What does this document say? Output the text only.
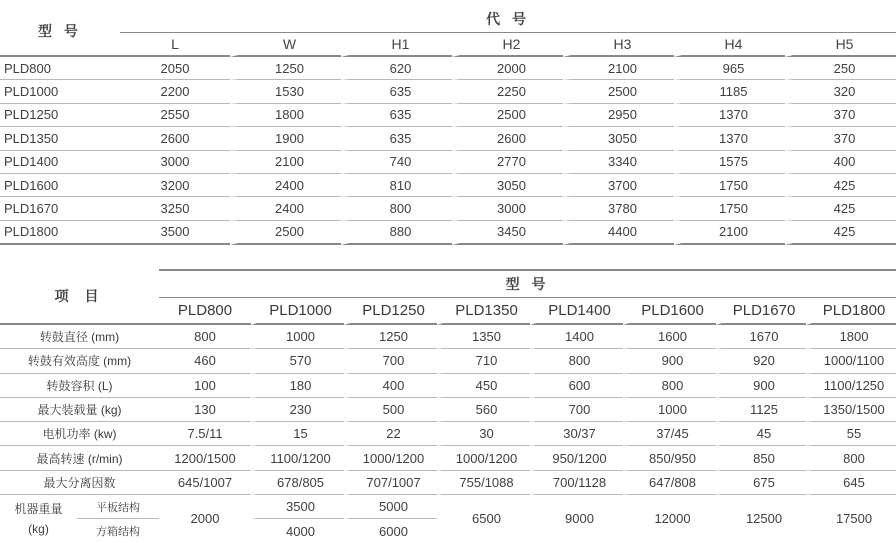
型 号	代 号						
	L	W	H1	H2	H3	H4	H5
PLD800	2050	1250	620	2000	2100	965	250
PLD1000	2200	1530	635	2250	2500	1185	320
PLD1250	2550	1800	635	2500	2950	1370	370
PLD1350	2600	1900	635	2600	3050	1370	370
PLD1400	3000	2100	740	2770	3340	1575	400
PLD1600	3200	2400	810	3050	3700	1750	425
PLD1670	3250	2400	800	3000	3780	1750	425
PLD1800	3500	2500	880	3450	4400	2100	425
项 目		型 号							
		PLD800	PLD1000	PLD1250	PLD1350	PLD1400	PLD1600	PLD1670	PLD1800
转鼓直径 (mm)		800	1000	1250	1350	1400	1600	1670	1800
转鼓有效高度 (mm)		460	570	700	710	800	900	920	1000/1100
转鼓容积 (L)		100	180	400	450	600	800	900	1100/1250
最大装载量 (kg)		130	230	500	560	700	1000	1125	1350/1500
电机功率 (kw)		7.5/11	15	22	30	30/37	37/45	45	55
最高转速 (r/min)		1200/1500	1100/1200	1000/1200	1000/1200	950/1200	850/950	850	800
最大分离因数		645/1007	678/805	707/1007	755/1088	700/1128	647/808	675	645

机器重量
(kg)	平板结构	2000	3500	5000	6500	9000	12000	12500	17500
	方箱结构		4000	6000					
